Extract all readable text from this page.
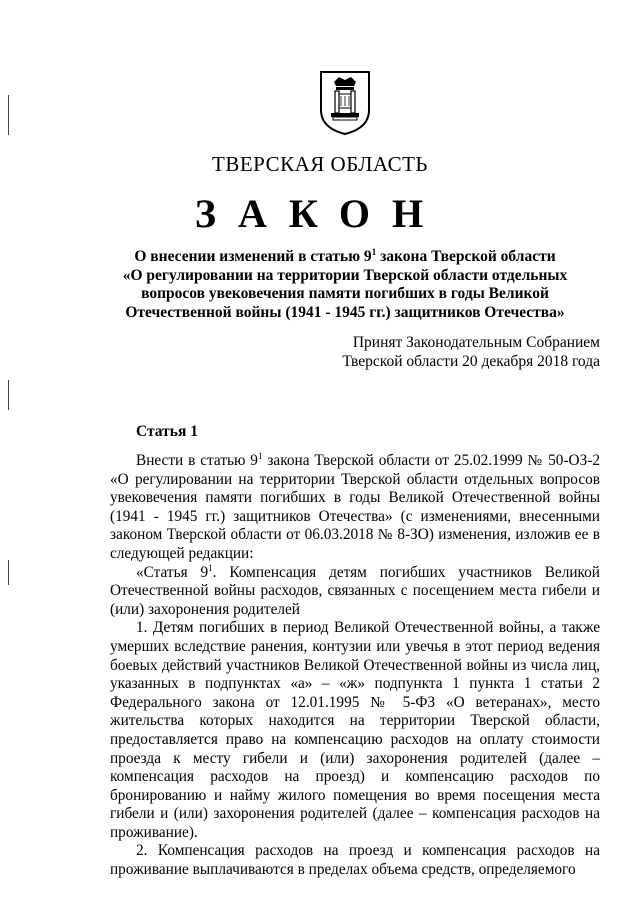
ТВЕРСКАЯ ОБЛАСТЬ
ЗАКОН
О внесении изменений в статью $9^1$ закона Тверской области
«О регулировании на территории Тверской области отдельных
вопросов увековечения памяти погибших в годы Великой
Отечественной войны (1941 - 1945 гг.) защитников Отечества»
Принят Законодательным Собранием
Тверской области 20 декабря 2018 года
Статья 1

Внести в статью $9^1$ закона Тверской области от 25.02.1999 № 50-ОЗ-2 «О регулировании на территории Тверской области отдельных вопросов увековечения памяти погибших в годы Великой Отечественной войны (1941 - 1945 гг.) защитников Отечества» (с изменениями, внесенными законом Тверской области от 06.03.2018 № 8-ЗО) изменения, изложив ее в следующей редакции:

«Статья $9^1$. Компенсация детям погибших участников Великой Отечественной войны расходов, связанных с посещением места гибели и (или) захоронения родителей

1. Детям погибших в период Великой Отечественной войны, а также умерших вследствие ранения, контузии или увечья в этот период ведения боевых действий участников Великой Отечественной войны из числа лиц, указанных в подпунктах «а» – «ж» подпункта 1 пункта 1 статьи 2 Федерального закона от 12.01.1995 № 5-ФЗ «О ветеранах», место жительства которых находится на территории Тверской области, предоставляется право на компенсацию расходов на оплату стоимости проезда к месту гибели и (или) захоронения родителей (далее – компенсация расходов на проезд) и компенсацию расходов по бронированию и найму жилого помещения во время посещения места гибели и (или) захоронения родителей (далее – компенсация расходов на проживание).

2. Компенсация расходов на проезд и компенсация расходов на проживание выплачиваются в пределах объема средств, определяемого
